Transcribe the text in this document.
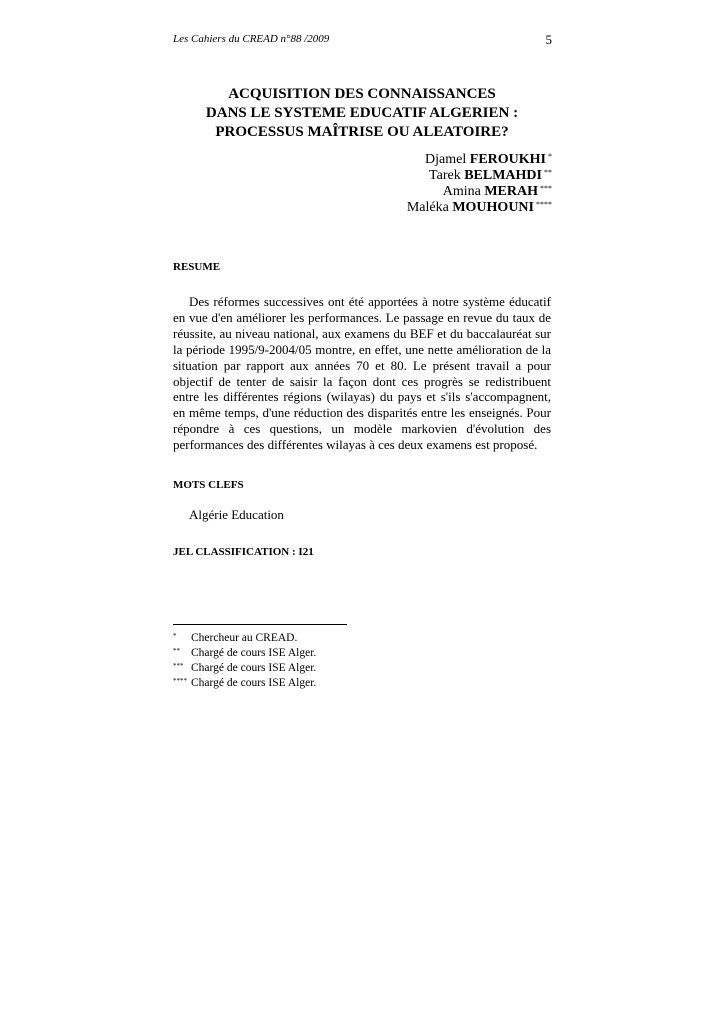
Les Cahiers du CREAD n°88 /2009	5
ACQUISITION DES CONNAISSANCES
DANS LE SYSTEME EDUCATIF ALGERIEN :
PROCESSUS MAÎTRISE OU ALEATOIRE?
Djamel FEROUKHI *
Tarek BELMAHDI **
Amina MERAH ***
Maléka MOUHOUNI ****
RESUME

Des réformes successives ont été apportées à notre système éducatif en vue d'en améliorer les performances. Le passage en revue du taux de réussite, au niveau national, aux examens du BEF et du baccalauréat sur la période 1995/9-2004/05 montre, en effet, une nette amélioration de la situation par rapport aux années 70 et 80. Le présent travail a pour objectif de tenter de saisir la façon dont ces progrès se redistribuent entre les différentes régions (wilayas) du pays et s'ils s'accompagnent, en même temps, d'une réduction des disparités entre les enseignés. Pour répondre à ces questions, un modèle markovien d'évolution des performances des différentes wilayas à ces deux examens est proposé.

MOTS CLEFS
Algérie Education
JEL CLASSIFICATION : I21
* Chercheur au CREAD.
** Chargé de cours ISE Alger.
*** Chargé de cours ISE Alger.
**** Chargé de cours ISE Alger.
